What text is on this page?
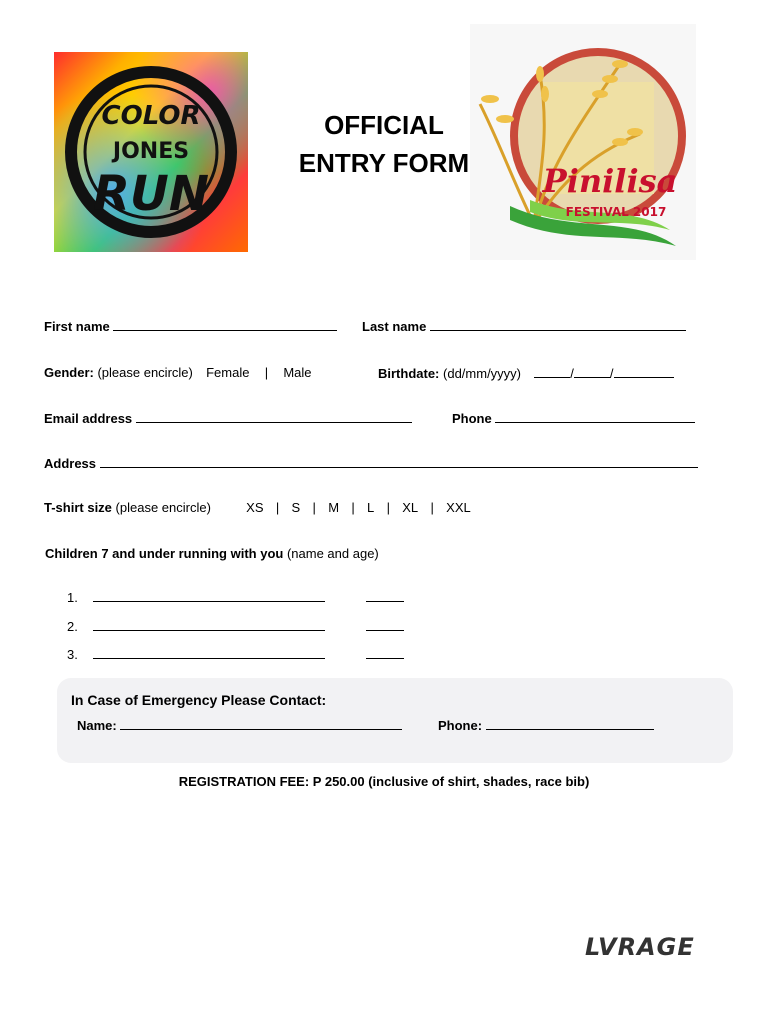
COLOR
JONES
RUN
OFFICIAL
ENTRY FORM Pinilisa
FESTIVAL 2017
First name	Last name
Gender: (please encircle) Female | Male	Birthdate: (dd/mm/yyyy)	/	/
Email address	Phone
Address
T-shirt size (please encircle)	XS | S | M | L | XL | XXL
Children 7 and under running with you (name and age)
1.
2.
3.
In Case of Emergency Please Contact:
Name:	Phone:
REGISTRATION FEE: P 250.00 (inclusive of shirt, shades, race bib)
LVRAGE
